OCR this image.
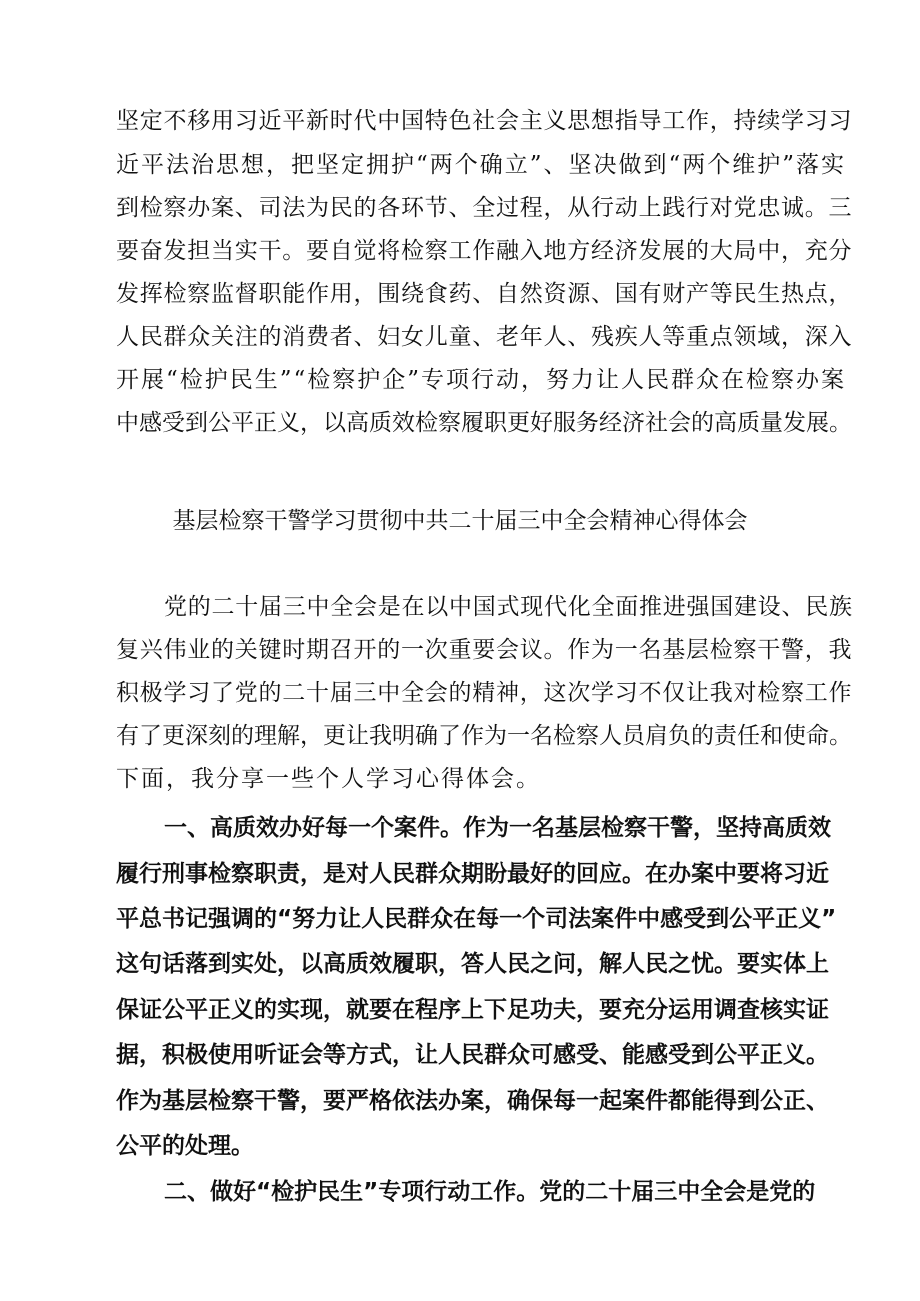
坚定不移用习近平新时代中国特色社会主义思想指导工作，持续学习习
近平法治思想，把坚定拥护“两个确立”、坚决做到“两个维护”落实
到检察办案、司法为民的各环节、全过程，从行动上践行对党忠诚。三
要奋发担当实干。要自觉将检察工作融入地方经济发展的大局中，充分
发挥检察监督职能作用，围绕食药、自然资源、国有财产等民生热点，
人民群众关注的消费者、妇女儿童、老年人、残疾人等重点领域，深入
开展“检护民生”“检察护企”专项行动，努力让人民群众在检察办案
中感受到公平正义，以高质效检察履职更好服务经济社会的高质量发展。
基层检察干警学习贯彻中共二十届三中全会精神心得体会
党的二十届三中全会是在以中国式现代化全面推进强国建设、民族
复兴伟业的关键时期召开的一次重要会议。作为一名基层检察干警，我
积极学习了党的二十届三中全会的精神，这次学习不仅让我对检察工作
有了更深刻的理解，更让我明确了作为一名检察人员肩负的责任和使命。
下面，我分享一些个人学习心得体会。
一、高质效办好每一个案件。作为一名基层检察干警，坚持高质效
履行刑事检察职责，是对人民群众期盼最好的回应。在办案中要将习近
平总书记强调的“努力让人民群众在每一个司法案件中感受到公平正义”
这句话落到实处，以高质效履职，答人民之问，解人民之忧。要实体上
保证公平正义的实现，就要在程序上下足功夫，要充分运用调查核实证
据，积极使用听证会等方式，让人民群众可感受、能感受到公平正义。
作为基层检察干警，要严格依法办案，确保每一起案件都能得到公正、
公平的处理。
二、做好“检护民生”专项行动工作。党的二十届三中全会是党的
